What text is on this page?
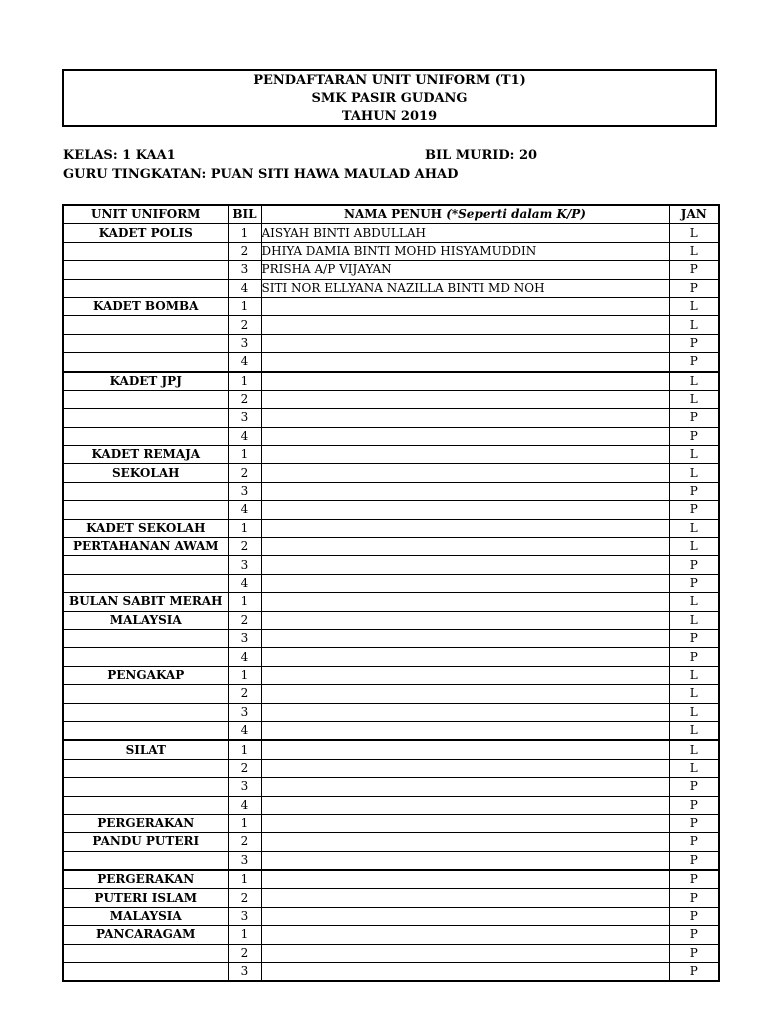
PENDAFTARAN UNIT UNIFORM (T1)
SMK PASIR GUDANG
TAHUN 2019
KELAS: 1 KAA1	BIL MURID: 20
GURU TINGKATAN: PUAN SITI HAWA MAULAD AHAD
UNIT UNIFORM	BIL	NAMA PENUH (*Seperti dalam K/P)	JAN
KADET POLIS	1	AISYAH BINTI ABDULLAH	L
	2	DHIYA DAMIA BINTI MOHD HISYAMUDDIN	L
	3	PRISHA A/P VIJAYAN	P
	4	SITI NOR ELLYANA NAZILLA BINTI MD NOH	P
KADET BOMBA	1		L
	2		L
	3		P
	4		P
KADET JPJ	1		L
	2		L
	3		P
	4		P
KADET REMAJA	1		L
SEKOLAH	2		L
	3		P
	4		P
KADET SEKOLAH	1		L
PERTAHANAN AWAM	2		L
	3		P
	4		P
BULAN SABIT MERAH	1		L
MALAYSIA	2		L
	3		P
	4		P
PENGAKAP	1		L
	2		L
	3		L
	4		L
SILAT	1		L
	2		L
	3		P
	4		P
PERGERAKAN	1		P
PANDU PUTERI	2		P
	3		P
PERGERAKAN	1		P
PUTERI ISLAM	2		P
MALAYSIA	3		P
PANCARAGAM	1		P
	2		P
	3		P
